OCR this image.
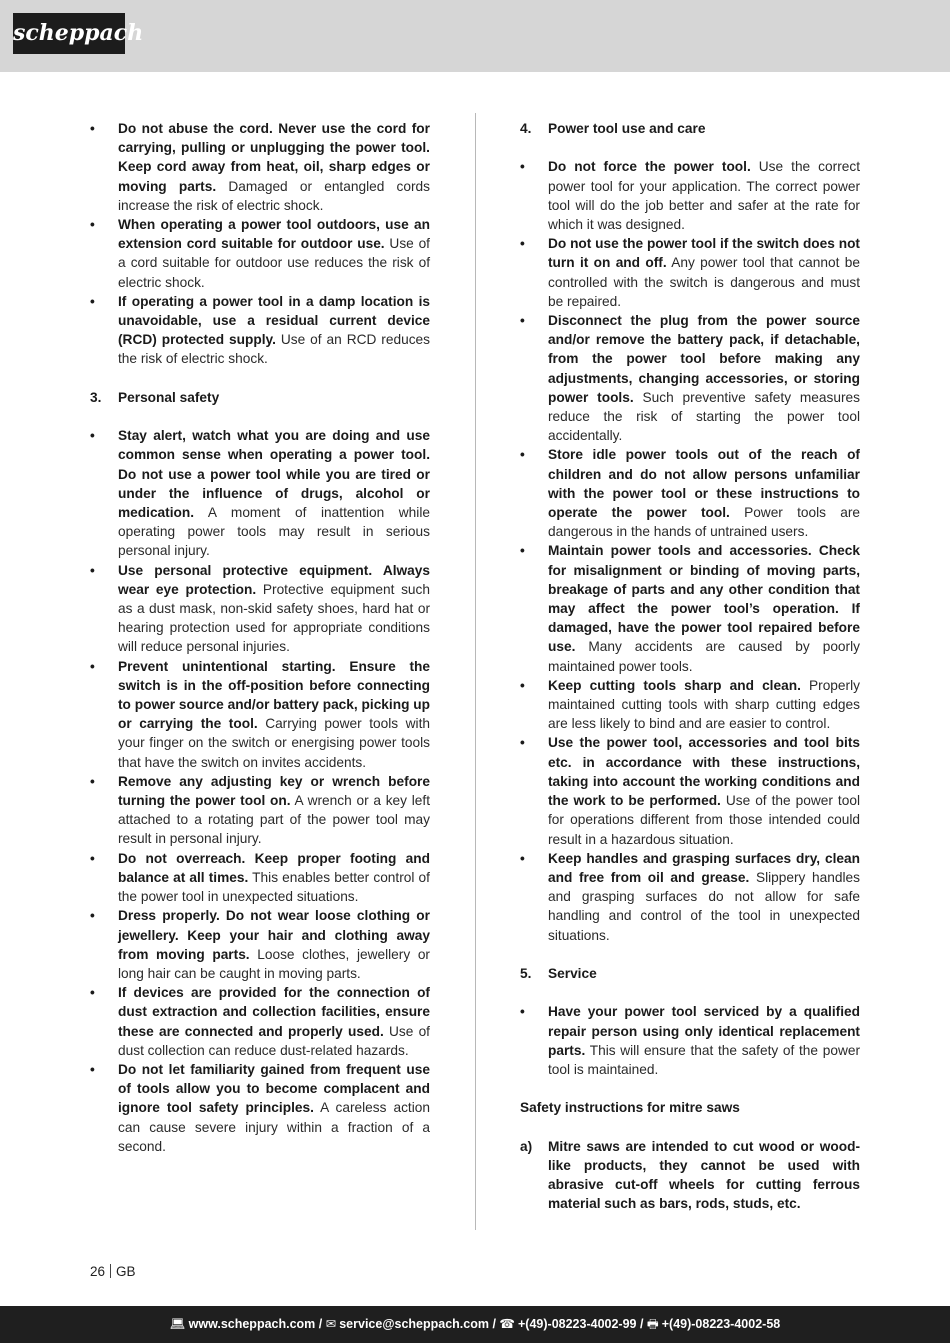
scheppach
• Do not abuse the cord. Never use the cord for carrying, pulling or unplugging the power tool. Keep cord away from heat, oil, sharp edges or moving parts. Damaged or entangled cords increase the risk of electric shock.
• When operating a power tool outdoors, use an extension cord suitable for outdoor use. Use of a cord suitable for outdoor use reduces the risk of electric shock.
• If operating a power tool in a damp location is unavoidable, use a residual current device (RCD) protected supply. Use of an RCD reduces the risk of electric shock.
3. Personal safety
• Stay alert, watch what you are doing and use common sense when operating a power tool. Do not use a power tool while you are tired or under the influence of drugs, alcohol or medication. A moment of inattention while operating power tools may result in serious personal injury.
• Use personal protective equipment. Always wear eye protection. Protective equipment such as a dust mask, non-skid safety shoes, hard hat or hearing protection used for appropriate conditions will reduce personal injuries.
• Prevent unintentional starting. Ensure the switch is in the off-position before connecting to power source and/or battery pack, picking up or carrying the tool. Carrying power tools with your finger on the switch or energising power tools that have the switch on invites accidents.
• Remove any adjusting key or wrench before turning the power tool on. A wrench or a key left attached to a rotating part of the power tool may result in personal injury.
• Do not overreach. Keep proper footing and balance at all times. This enables better control of the power tool in unexpected situations.
• Dress properly. Do not wear loose clothing or jewellery. Keep your hair and clothing away from moving parts. Loose clothes, jewellery or long hair can be caught in moving parts.
• If devices are provided for the connection of dust extraction and collection facilities, ensure these are connected and properly used. Use of dust collection can reduce dust-related hazards.
• Do not let familiarity gained from frequent use of tools allow you to become complacent and ignore tool safety principles. A careless action can cause severe injury within a fraction of a second.
4. Power tool use and care
• Do not force the power tool. Use the correct power tool for your application. The correct power tool will do the job better and safer at the rate for which it was designed.
• Do not use the power tool if the switch does not turn it on and off. Any power tool that cannot be controlled with the switch is dangerous and must be repaired.
• Disconnect the plug from the power source and/or remove the battery pack, if detachable, from the power tool before making any adjustments, changing accessories, or storing power tools. Such preventive safety measures reduce the risk of starting the power tool accidentally.
• Store idle power tools out of the reach of children and do not allow persons unfamiliar with the power tool or these instructions to operate the power tool. Power tools are dangerous in the hands of untrained users.
• Maintain power tools and accessories. Check for misalignment or binding of moving parts, breakage of parts and any other condition that may affect the power tool’s operation. If damaged, have the power tool repaired before use. Many accidents are caused by poorly maintained power tools.
• Keep cutting tools sharp and clean. Properly maintained cutting tools with sharp cutting edges are less likely to bind and are easier to control.
• Use the power tool, accessories and tool bits etc. in accordance with these instructions, taking into account the working conditions and the work to be performed. Use of the power tool for operations different from those intended could result in a hazardous situation.
• Keep handles and grasping surfaces dry, clean and free from oil and grease. Slippery handles and grasping surfaces do not allow for safe handling and control of the tool in unexpected situations.
5. Service
• Have your power tool serviced by a qualified repair person using only identical replacement parts. This will ensure that the safety of the power tool is maintained.
Safety instructions for mitre saws
a) Mitre saws are intended to cut wood or wood-like products, they cannot be used with abrasive cut-off wheels for cutting ferrous material such as bars, rods, studs, etc.
26 GB
💻︎ www.scheppach.com / ✉ service@scheppach.com / ☎ +(49)-08223-4002-99 / 🖶︎ +(49)-08223-4002-58
